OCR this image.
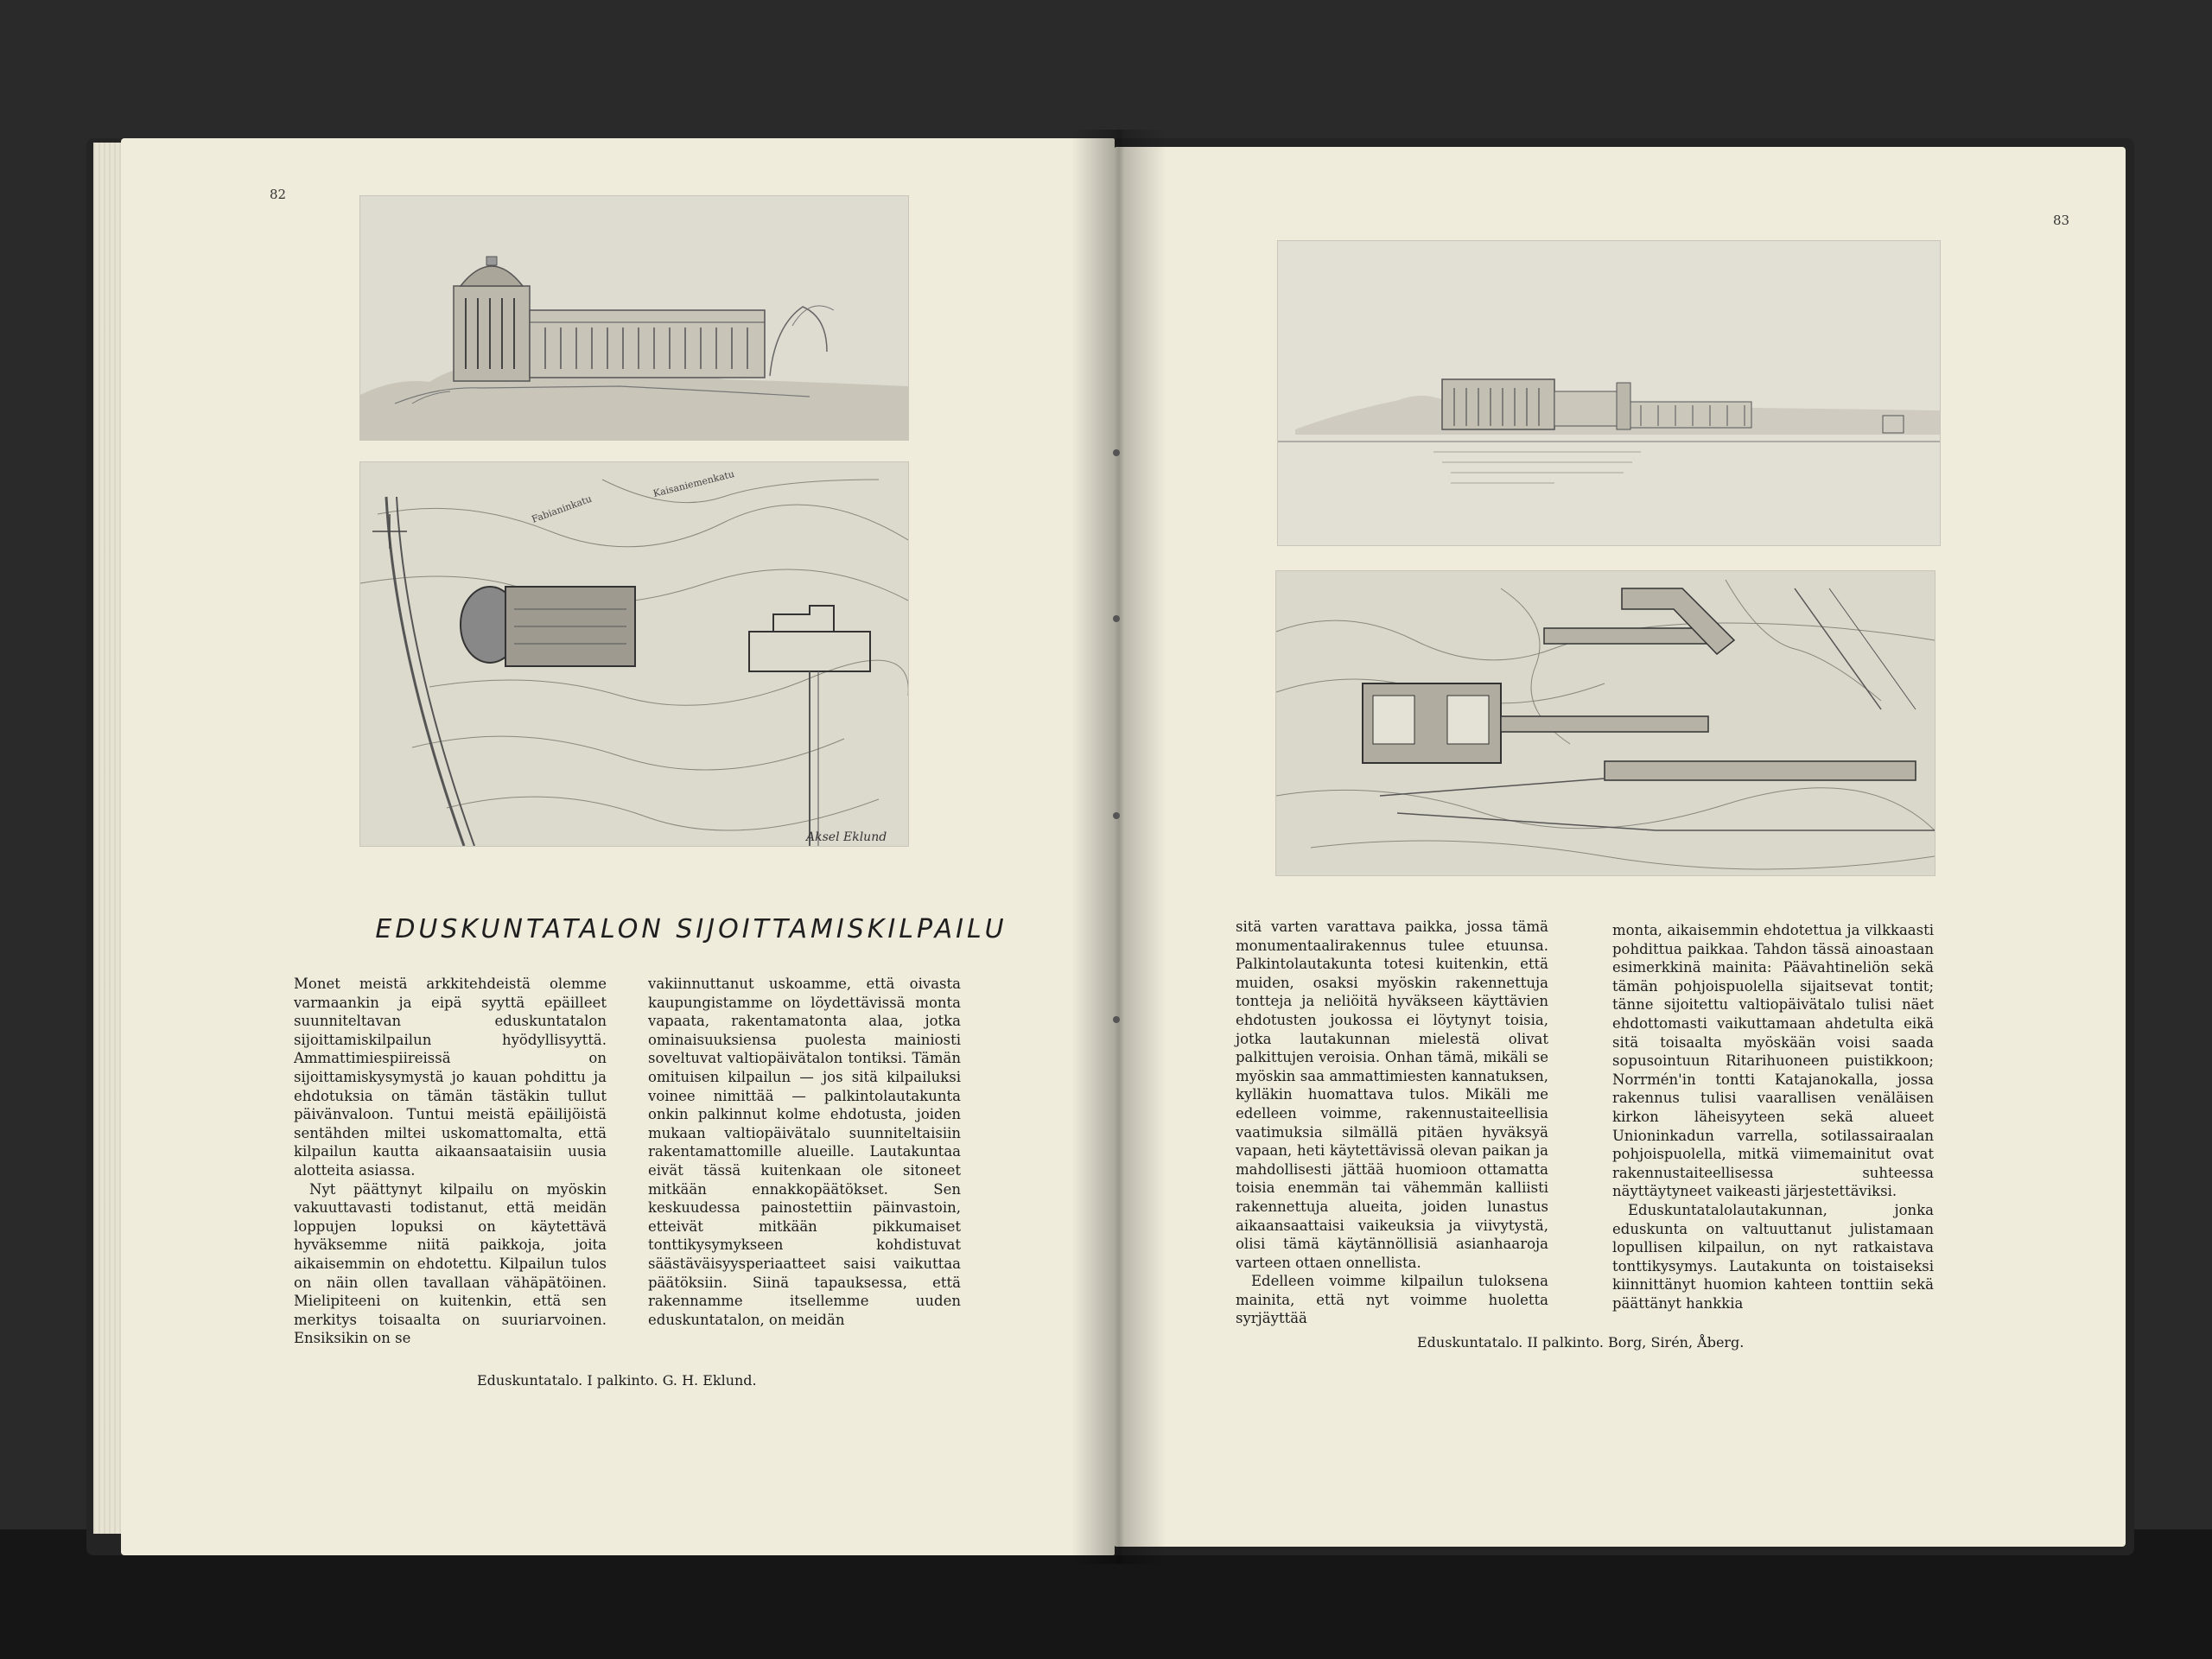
82
Fabianinkatu
Kaisaniemenkatu
Aksel Eklund
EDUSKUNTATALON SIJOITTAMISKILPAILU

Monet meistä arkkitehdeistä olemme varmaankin ja eipä syyttä epäilleet suunniteltavan eduskuntatalon sijoittamiskilpailun hyödyllisyyttä. Ammattimiespiireissä on sijoittamiskysymystä jo kauan pohdittu ja ehdotuksia on tämän tästäkin tullut päivänvaloon. Tuntui meistä epäilijöistä sentähden miltei uskomattomalta, että kilpailun kautta aikaansaataisiin uusia alotteita asiassa.

Nyt päättynyt kilpailu on myöskin vakuuttavasti todistanut, että meidän loppujen lopuksi on käytettävä hyväksemme niitä paikkoja, joita aikaisemmin on ehdotettu. Kilpailun tulos on näin ollen tavallaan vähäpätöinen. Mielipiteeni on kuitenkin, että sen merkitys toisaalta on suuriarvoinen. Ensiksikin on se

vakiinnuttanut uskoamme, että oivasta kaupungistamme on löydettävissä monta vapaata, rakentamatonta alaa, jotka ominaisuuksiensa puolesta mainiosti soveltuvat valtiopäivätalon tontiksi. Tämän omituisen kilpailun — jos sitä kilpailuksi voinee nimittää — palkintolautakunta onkin palkinnut kolme ehdotusta, joiden mukaan valtiopäivätalo suunniteltaisiin rakentamattomille alueille. Lautakuntaa eivät tässä kuitenkaan ole sitoneet mitkään ennakkopäätökset. Sen keskuudessa painostettiin päinvastoin, etteivät mitkään pikkumaiset tonttikysymykseen kohdistuvat säästäväisyysperiaatteet saisi vaikuttaa päätöksiin. Siinä tapauksessa, että rakennamme itsellemme uuden eduskuntatalon, on meidän

Eduskuntatalo. I palkinto. G. H. Eklund.
83

sitä varten varattava paikka, jossa tämä monumentaalirakennus tulee etuunsa. Palkintolautakunta totesi kuitenkin, että muiden, osaksi myöskin rakennettuja tontteja ja neliöitä hyväkseen käyttävien ehdotusten joukossa ei löytynyt toisia, jotka lautakunnan mielestä olivat palkittujen veroisia. Onhan tämä, mikäli se myöskin saa ammattimiesten kannatuksen, kylläkin huomattava tulos. Mikäli me edelleen voimme, rakennustaiteellisia vaatimuksia silmällä pitäen hyväksyä vapaan, heti käytettävissä olevan paikan ja mahdollisesti jättää huomioon ottamatta toisia enemmän tai vähemmän kalliisti rakennettuja alueita, joiden lunastus aikaansaattaisi vaikeuksia ja viivytystä, olisi tämä käytännöllisiä asianhaaroja varteen ottaen onnellista.

Edelleen voimme kilpailun tuloksena mainita, että nyt voimme huoletta syrjäyttää

monta, aikaisemmin ehdotettua ja vilkkaasti pohdittua paikkaa. Tahdon tässä ainoastaan esimerkkinä mainita: Päävahtineliön sekä tämän pohjoispuolella sijaitsevat tontit; tänne sijoitettu valtiopäivätalo tulisi näet ehdottomasti vaikuttamaan ahdetulta eikä sitä toisaalta myöskään voisi saada sopusointuun Ritarihuoneen puistikkoon; Norrmén'in tontti Katajanokalla, jossa rakennus tulisi vaarallisen venäläisen kirkon läheisyyteen sekä alueet Unioninkadun varrella, sotilassairaalan pohjoispuolella, mitkä viimemainitut ovat rakennustaiteellisessa suhteessa näyttäytyneet vaikeasti järjestettäviksi.

Eduskuntatalolautakunnan, jonka eduskunta on valtuuttanut julistamaan lopullisen kilpailun, on nyt ratkaistava tonttikysymys. Lautakunta on toistaiseksi kiinnittänyt huomion kahteen tonttiin sekä päättänyt hankkia

Eduskuntatalo. II palkinto. Borg, Sirén, Åberg.
